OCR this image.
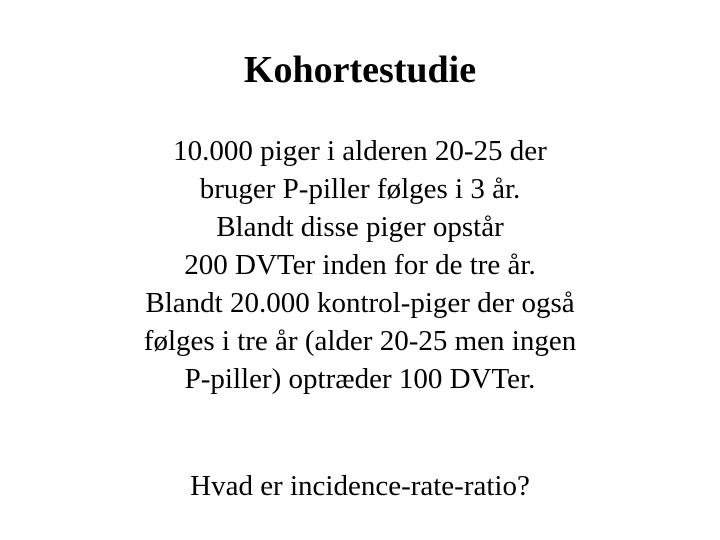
Kohortestudie
10.000 piger i alderen 20-25 der
bruger P-piller følges i 3 år.
Blandt disse piger opstår
200 DVTer inden for de tre år.
Blandt 20.000 kontrol-piger der også
følges i tre år (alder 20-25 men ingen
P-piller) optræder 100 DVTer.
Hvad er incidence-rate-ratio?
